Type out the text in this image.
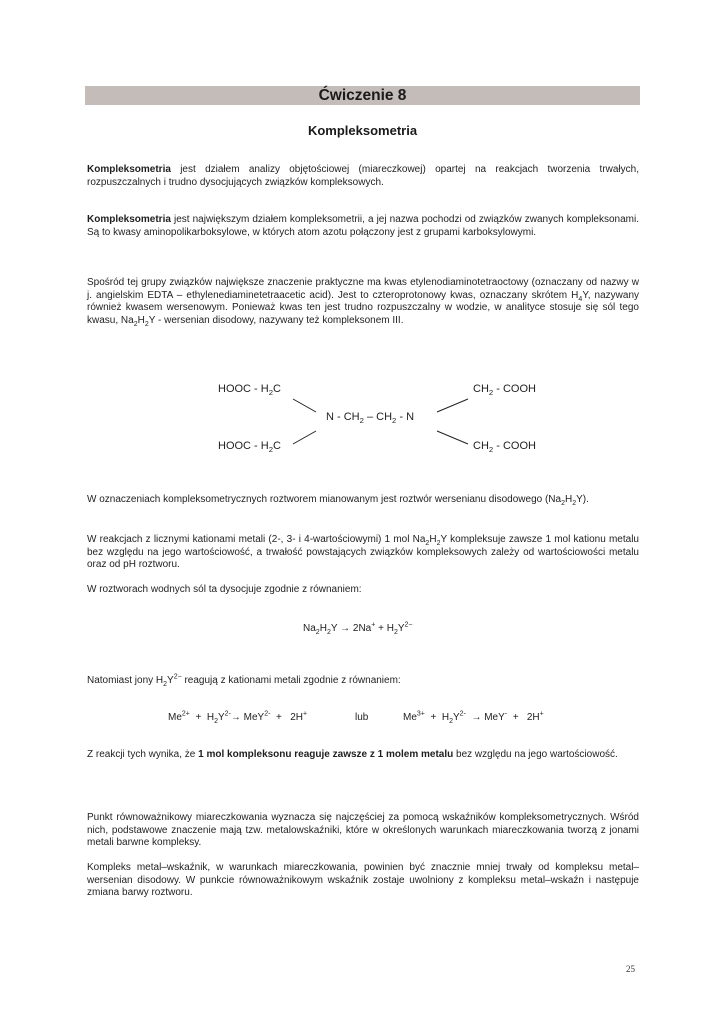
Ćwiczenie 8
Kompleksometria
Kompleksometria jest działem analizy objętościowej (miareczkowej) opartej na reakcjach tworzenia trwałych, rozpuszczalnych i trudno dysocjujących związków kompleksowych.
Kompleksometria jest największym działem kompleksometrii, a jej nazwa pochodzi od związków zwanych kompleksonami. Są to kwasy aminopolikarboksylowe, w których atom azotu połączony jest z grupami karboksylowymi.
Spośród tej grupy związków największe znaczenie praktyczne ma kwas etylenodiaminotetraoctowy (oznaczany od nazwy w j. angielskim EDTA – ethylenediaminetetraacetic acid). Jest to czteroprotonowy kwas, oznaczany skrótem $H_4Y$, nazywany również kwasem wersenowym. Ponieważ kwas ten jest trudno rozpuszczalny w wodzie, w analityce stosuje się sól tego kwasu, $Na_2H_2Y$ - wersenian disodowy, nazywany też kompleksonem III.
HOOC - $H_2C$
HOOC - $H_2C$
N - $CH_2 - CH_2$ - N
$CH_2$ - COOH
$CH_2$ - COOH
W oznaczeniach kompleksometrycznych roztworem mianowanym jest roztwór wersenianu disodowego $(Na_2H_2Y)$.
W reakcjach z licznymi kationami metali (2-, 3- i 4-wartościowymi) 1 mol $Na_2H_2Y$ kompleksuje zawsze 1 mol kationu metalu bez względu na jego wartościowość, a trwałość powstających związków kompleksowych zależy od wartościowości metalu oraz od pH roztworu.
W roztworach wodnych sól ta dysocjuje zgodnie z równaniem:
$Na_2H_2Y \to 2Na^+ + H_2Y^{2-}$
Natomiast jony $H_2Y^{2-}$ reagują z kationami metali zgodnie z równaniem:
$Me^{2+} + H_2Y^{2-}\to MeY^{2-} + 2H^+$	lub	$Me^{3+} + H_2Y^{2-} \to MeY^- + 2H^+$
Z reakcji tych wynika, że 1 mol kompleksonu reaguje zawsze z 1 molem metalu bez względu na jego wartościowość.
Punkt równoważnikowy miareczkowania wyznacza się najczęściej za pomocą wskaźników kompleksometrycznych. Wśród nich, podstawowe znaczenie mają tzw. metalowskaźniki, które w określonych warunkach miareczkowania tworzą z jonami metali barwne kompleksy.
Kompleks metal–wskaźnik, w warunkach miareczkowania, powinien być znacznie mniej trwały od kompleksu metal–wersenian disodowy. W punkcie równoważnikowym wskaźnik zostaje uwolniony z kompleksu metal–wskaźn i następuje zmiana barwy roztworu.
25
